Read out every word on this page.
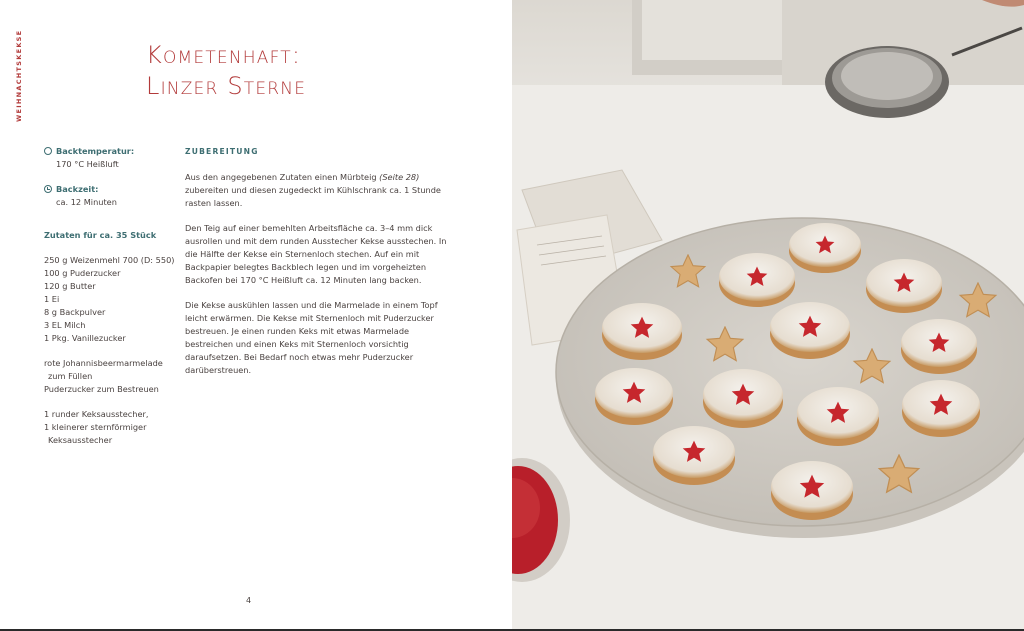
WEIHNACHTSKEKSE	Kometenhaft:
Linzer Sterne
Backtemperatur:
170 °C Heißluft
Backzeit:
ca. 12 Minuten
Zutaten für ca. 35 Stück
250 g Weizenmehl 700 (D: 550)
100 g Puderzucker
120 g Butter
1 Ei
8 g Backpulver
3 EL Milch
1 Pkg. Vanillezucker
rote Johannisbeermarmelade
zum Füllen
Puderzucker zum Bestreuen
1 runder Keksausstecher,
1 kleinerer sternförmiger
Keksausstecher
ZUBEREITUNG

Aus den angegebenen Zutaten einen Mürbteig (Seite 28) zubereiten und diesen zugedeckt im Kühlschrank ca. 1 Stunde rasten lassen.

Den Teig auf einer bemehlten Arbeitsfläche ca. 3–4 mm dick ausrollen und mit dem runden Ausstecher Kekse ausstechen. In die Hälfte der Kekse ein Sternenloch stechen. Auf ein mit Backpapier belegtes Backblech legen und im vorgeheizten Backofen bei 170 °C Heißluft ca. 12 Minuten lang backen.

Die Kekse auskühlen lassen und die Marmelade in einem Topf leicht erwärmen. Die Kekse mit Sternenloch mit Puderzucker bestreuen. Je einen runden Keks mit etwas Marmelade bestreichen und einen Keks mit Sternenloch vorsichtig daraufsetzen. Bei Bedarf noch etwas mehr Puderzucker darüberstreuen.

4
